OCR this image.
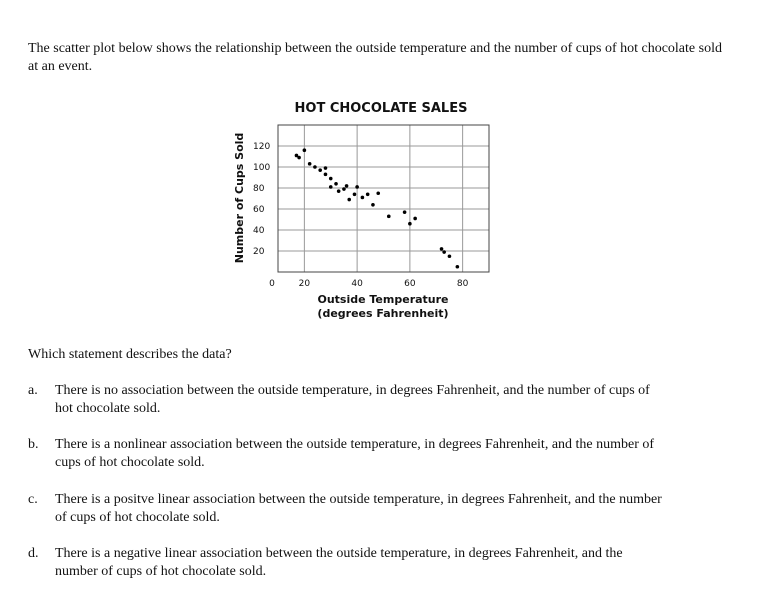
The scatter plot below shows the relationship between the outside temperature and the number of cups of hot chocolate sold at an event.

HOT CHOCOLATE SALES
20	40	60	80
20
40
60
80
100
120
0
Outside Temperature
(degrees Fahrenheit)
Number of Cups Sold

Which statement describes the data?

a. There is no association between the outside temperature, in degrees Fahrenheit, and the number of cups of hot chocolate sold.
b. There is a nonlinear association between the outside temperature, in degrees Fahrenheit, and the number of cups of hot chocolate sold.
c. There is a positve linear association between the outside temperature, in degrees Fahrenheit, and the number of cups of hot chocolate sold.
d. There is a negative linear association between the outside temperature, in degrees Fahrenheit, and the number of cups of hot chocolate sold.
